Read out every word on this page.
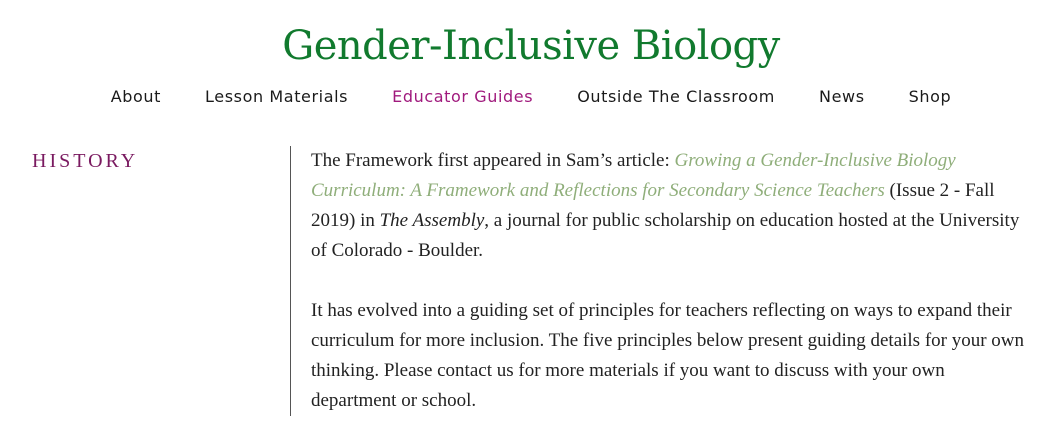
Gender-Inclusive Biology
About	Lesson Materials	Educator Guides	Outside The Classroom	News	Shop
HISTORY	The Framework first appeared in Sam’s article: Growing a Gender-Inclusive Biology Curriculum: A Framework and Reflections for Secondary Science Teachers (Issue 2 - Fall 2019) in The Assembly, a journal for public scholarship on education hosted at the University of Colorado - Boulder.

It has evolved into a guiding set of principles for teachers reflecting on ways to expand their curriculum for more inclusion. The five principles below present guiding details for your own thinking. Please contact us for more materials if you want to discuss with your own department or school.
